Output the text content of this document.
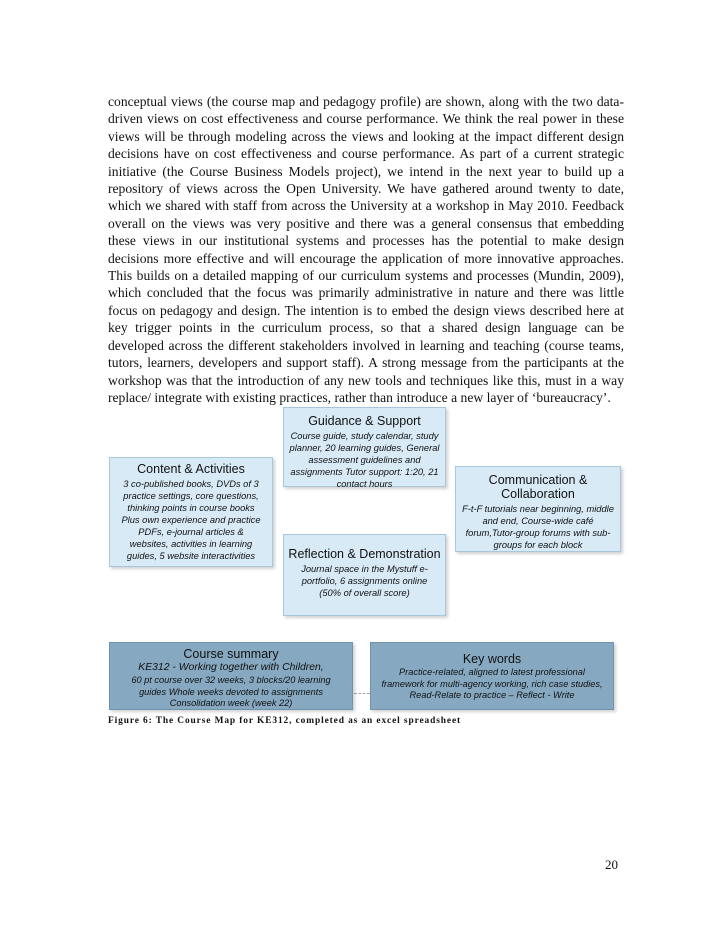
conceptual views (the course map and pedagogy profile) are shown, along with the two data-driven views on cost effectiveness and course performance. We think the real power in these views will be through modeling across the views and looking at the impact different design decisions have on cost effectiveness and course performance. As part of a current strategic initiative (the Course Business Models project), we intend in the next year to build up a repository of views across the Open University. We have gathered around twenty to date, which we shared with staff from across the University at a workshop in May 2010. Feedback overall on the views was very positive and there was a general consensus that embedding these views in our institutional systems and processes has the potential to make design decisions more effective and will encourage the application of more innovative approaches. This builds on a detailed mapping of our curriculum systems and processes (Mundin, 2009), which concluded that the focus was primarily administrative in nature and there was little focus on pedagogy and design. The intention is to embed the design views described here at key trigger points in the curriculum process, so that a shared design language can be developed across the different stakeholders involved in learning and teaching (course teams, tutors, learners, developers and support staff). A strong message from the participants at the workshop was that the introduction of any new tools and techniques like this, must in a way replace/ integrate with existing practices, rather than introduce a new layer of ‘bureaucracy’.

Guidance & Support

Course guide, study calendar, study planner, 20 learning guides, General assessment guidelines and assignments Tutor support: 1:20, 21 contact hours

Content & Activities

3 co-published books, DVDs of 3 practice settings, core questions, thinking points in course books Plus own experience and practice PDFs, e-journal articles & websites, activities in learning guides, 5 website interactivities

Communication & Collaboration

F-t-F tutorials near beginning, middle and end, Course-wide café forum,Tutor-group forums with sub-groups for each block

Reflection & Demonstration

Journal space in the Mystuff e-portfolio, 6 assignments online (50% of overall score)

Course summary

KE312 - Working together with Children,

60 pt course over 32 weeks, 3 blocks/20 learning guides Whole weeks devoted to assignments Consolidation week (week 22)

Key words

Practice-related, aligned to latest professional framework for multi-agency working, rich case studies, Read-Relate to practice – Reflect - Write

Figure 6: The Course Map for KE312, completed as an excel spreadsheet

20
